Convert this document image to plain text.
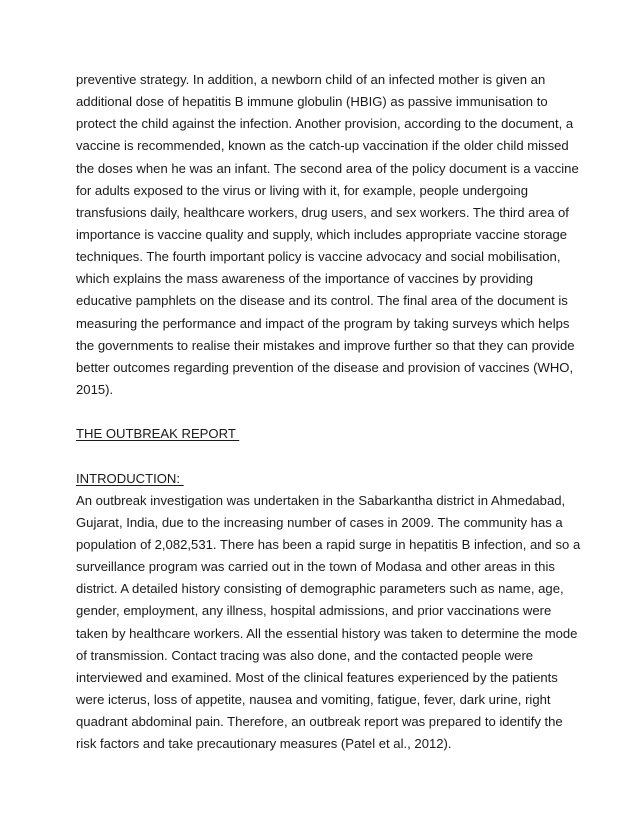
preventive strategy. In addition, a newborn child of an infected mother is given an
additional dose of hepatitis B immune globulin (HBIG) as passive immunisation to
protect the child against the infection. Another provision, according to the document, a
vaccine is recommended, known as the catch-up vaccination if the older child missed
the doses when he was an infant. The second area of the policy document is a vaccine
for adults exposed to the virus or living with it, for example, people undergoing
transfusions daily, healthcare workers, drug users, and sex workers. The third area of
importance is vaccine quality and supply, which includes appropriate vaccine storage
techniques. The fourth important policy is vaccine advocacy and social mobilisation,
which explains the mass awareness of the importance of vaccines by providing
educative pamphlets on the disease and its control. The final area of the document is
measuring the performance and impact of the program by taking surveys which helps
the governments to realise their mistakes and improve further so that they can provide
better outcomes regarding prevention of the disease and provision of vaccines (WHO,
2015).
THE OUTBREAK REPORT
INTRODUCTION:
An outbreak investigation was undertaken in the Sabarkantha district in Ahmedabad,
Gujarat, India, due to the increasing number of cases in 2009. The community has a
population of 2,082,531. There has been a rapid surge in hepatitis B infection, and so a
surveillance program was carried out in the town of Modasa and other areas in this
district. A detailed history consisting of demographic parameters such as name, age,
gender, employment, any illness, hospital admissions, and prior vaccinations were
taken by healthcare workers. All the essential history was taken to determine the mode
of transmission. Contact tracing was also done, and the contacted people were
interviewed and examined. Most of the clinical features experienced by the patients
were icterus, loss of appetite, nausea and vomiting, fatigue, fever, dark urine, right
quadrant abdominal pain. Therefore, an outbreak report was prepared to identify the
risk factors and take precautionary measures (Patel et al., 2012).
